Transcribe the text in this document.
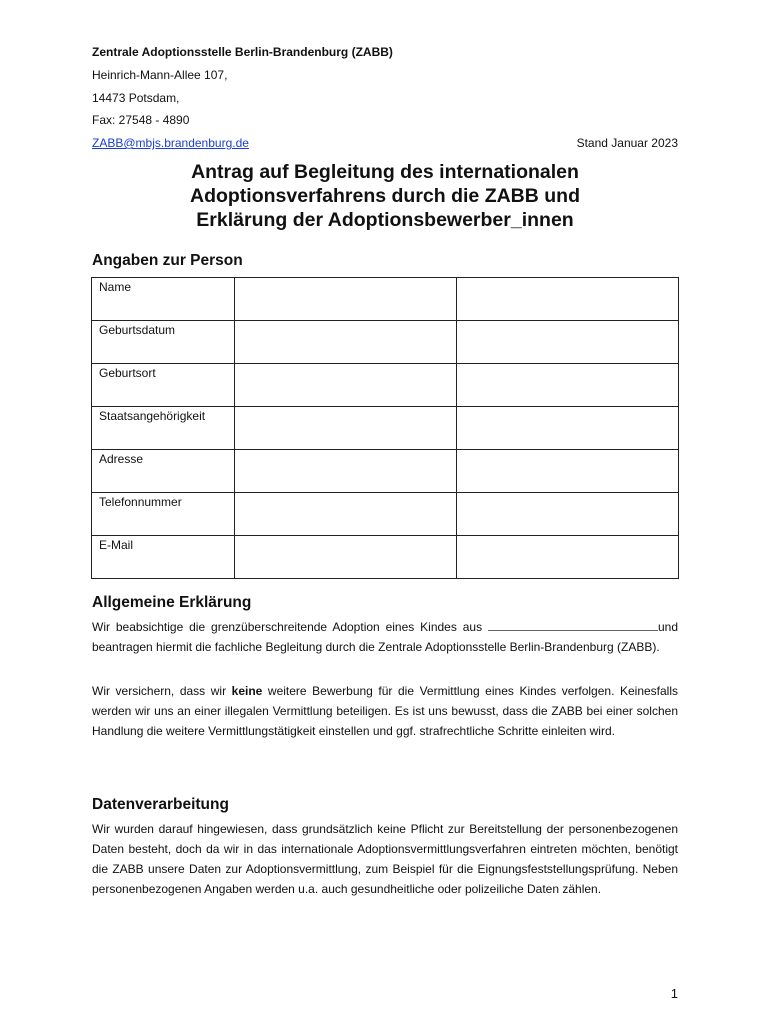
Zentrale Adoptionsstelle Berlin-Brandenburg (ZABB)
Heinrich-Mann-Allee 107,
14473 Potsdam,
Fax: 27548 - 4890
ZABB@mbjs.brandenburg.de	Stand Januar 2023
Antrag auf Begleitung des internationalen
Adoptionsverfahrens durch die ZABB und
Erklärung der Adoptionsbewerber_innen
Angaben zur Person
Name		
Geburtsdatum		
Geburtsort		
Staatsangehörigkeit		
Adresse		
Telefonnummer		
E-Mail		
Allgemeine Erklärung
Wir beabsichtige die grenzüberschreitende Adoption eines Kindes aus	und beantragen hiermit die fachliche Begleitung durch die Zentrale Adoptionsstelle Berlin-Brandenburg (ZABB).
Wir versichern, dass wir keine weitere Bewerbung für die Vermittlung eines Kindes verfolgen. Keinesfalls werden wir uns an einer illegalen Vermittlung beteiligen. Es ist uns bewusst, dass die ZABB bei einer solchen Handlung die weitere Vermittlungstätigkeit einstellen und ggf. strafrechtliche Schritte einleiten wird.
Datenverarbeitung
Wir wurden darauf hingewiesen, dass grundsätzlich keine Pflicht zur Bereitstellung der personenbezogenen Daten besteht, doch da wir in das internationale Adoptionsvermittlungsverfahren eintreten möchten, benötigt die ZABB unsere Daten zur Adoptionsvermittlung, zum Beispiel für die Eignungsfeststellungsprüfung. Neben personenbezogenen Angaben werden u.a. auch gesundheitliche oder polizeiliche Daten zählen.
1
